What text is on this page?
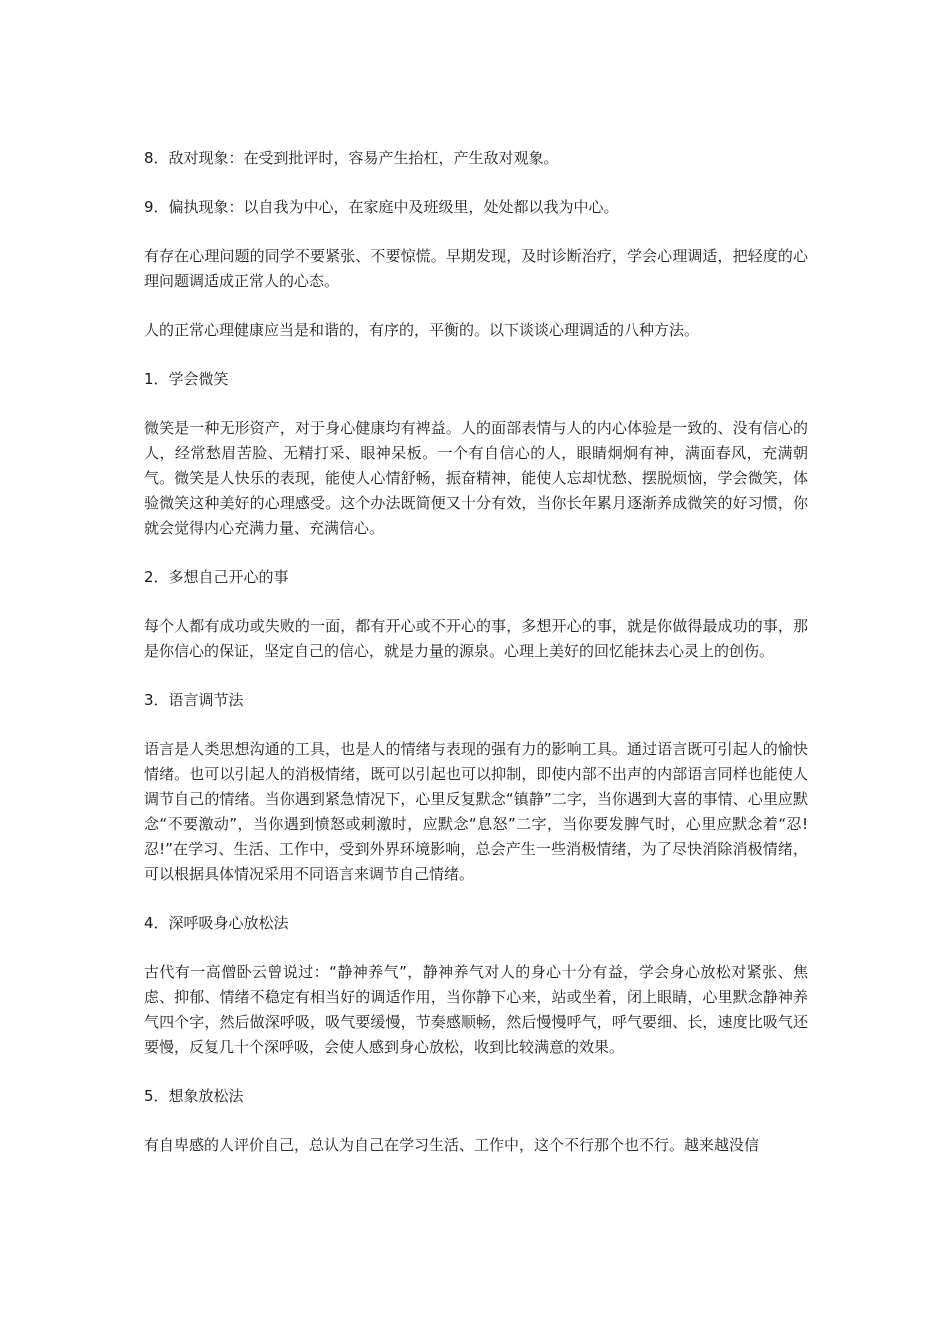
8．敌对现象：在受到批评时，容易产生抬杠，产生敌对观象。

9．偏执现象：以自我为中心，在家庭中及班级里，处处都以我为中心。

有存在心理问题的同学不要紧张、不要惊慌。早期发现，及时诊断治疗，学会心理调适，把轻度的心理问题调适成正常人的心态。

人的正常心理健康应当是和谐的，有序的，平衡的。以下谈谈心理调适的八种方法。

1．学会微笑

微笑是一种无形资产，对于身心健康均有裨益。人的面部表情与人的内心体验是一致的、没有信心的人，经常愁眉苦脸、无精打采、眼神呆板。一个有自信心的人，眼睛炯炯有神，满面春风，充满朝气。微笑是人快乐的表现，能使人心情舒畅，振奋精神，能使人忘却忧愁、摆脱烦恼，学会微笑，体验微笑这种美好的心理感受。这个办法既简便又十分有效，当你长年累月逐渐养成微笑的好习惯，你就会觉得内心充满力量、充满信心。

2．多想自己开心的事

每个人都有成功或失败的一面，都有开心或不开心的事，多想开心的事，就是你做得最成功的事，那是你信心的保证，坚定自己的信心，就是力量的源泉。心理上美好的回忆能抹去心灵上的创伤。

3．语言调节法

语言是人类思想沟通的工具，也是人的情绪与表现的强有力的影响工具。通过语言既可引起人的愉快情绪。也可以引起人的消极情绪，既可以引起也可以抑制，即使内部不出声的内部语言同样也能使人调节自己的情绪。当你遇到紧急情况下，心里反复默念“镇静”二字，当你遇到大喜的事情、心里应默念“不要激动”，当你遇到愤怒或刺激时，应默念“息怒”二字，当你要发脾气时，心里应默念着“忍!忍!”在学习、生活、工作中，受到外界环境影响，总会产生一些消极情绪，为了尽快消除消极情绪，可以根据具体情况采用不同语言来调节自己情绪。

4．深呼吸身心放松法

古代有一高僧卧云曾说过：“静神养气”，静神养气对人的身心十分有益，学会身心放松对紧张、焦虑、抑郁、情绪不稳定有相当好的调适作用，当你静下心来，站或坐着，闭上眼睛，心里默念静神养气四个字，然后做深呼吸，吸气要缓慢，节奏感顺畅，然后慢慢呼气，呼气要细、长，速度比吸气还要慢，反复几十个深呼吸，会使人感到身心放松，收到比较满意的效果。

5．想象放松法

有自卑感的人评价自己，总认为自己在学习生活、工作中，这个不行那个也不行。越来越没信
